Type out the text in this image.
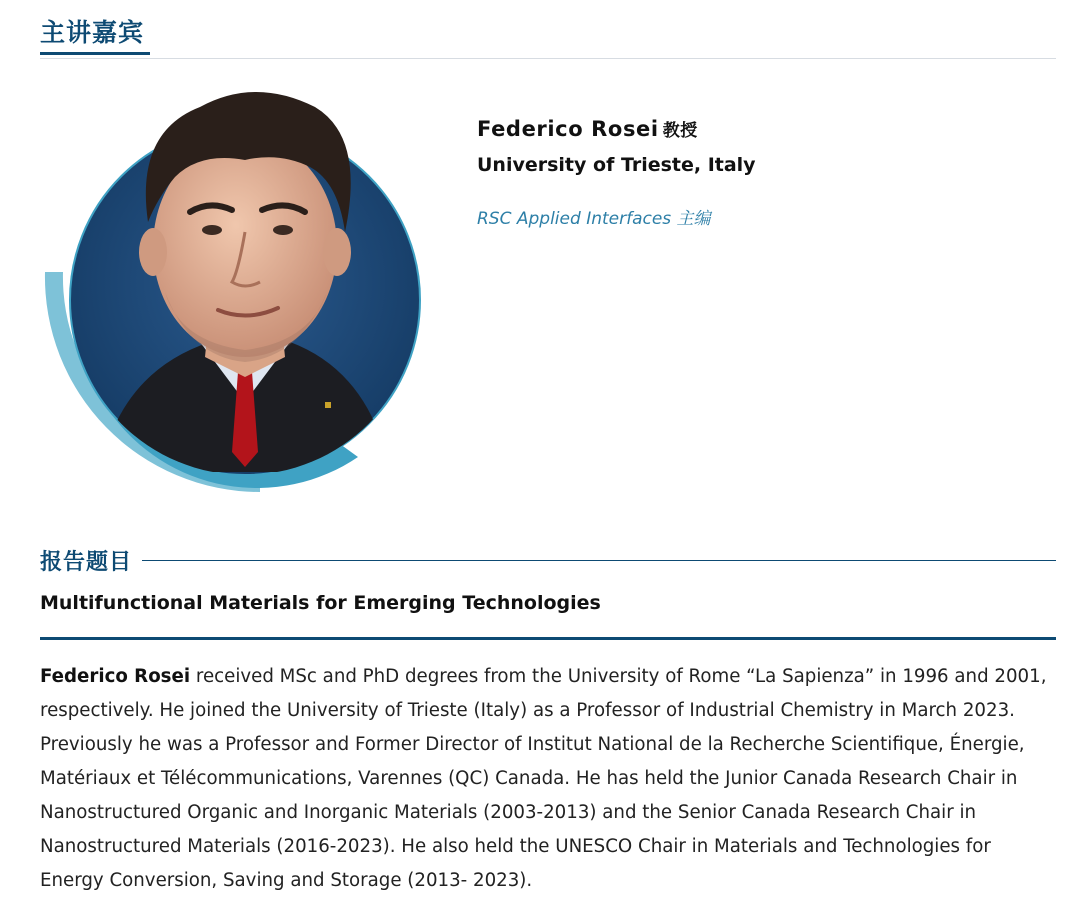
主讲嘉宾
Federico Rosei 教授
University of Trieste, Italy
RSC Applied Interfaces 主编
报告题目
Multifunctional Materials for Emerging Technologies
Federico Rosei received MSc and PhD degrees from the University of Rome “La Sapienza” in 1996 and 2001, respectively. He joined the University of Trieste (Italy) as a Professor of Industrial Chemistry in March 2023. Previously he was a Professor and Former Director of Institut National de la Recherche Scientifique, Énergie, Matériaux et Télécommunications, Varennes (QC) Canada. He has held the Junior Canada Research Chair in Nanostructured Organic and Inorganic Materials (2003-2013) and the Senior Canada Research Chair in Nanostructured Materials (2016-2023). He also held the UNESCO Chair in Materials and Technologies for Energy Conversion, Saving and Storage (2013- 2023).
